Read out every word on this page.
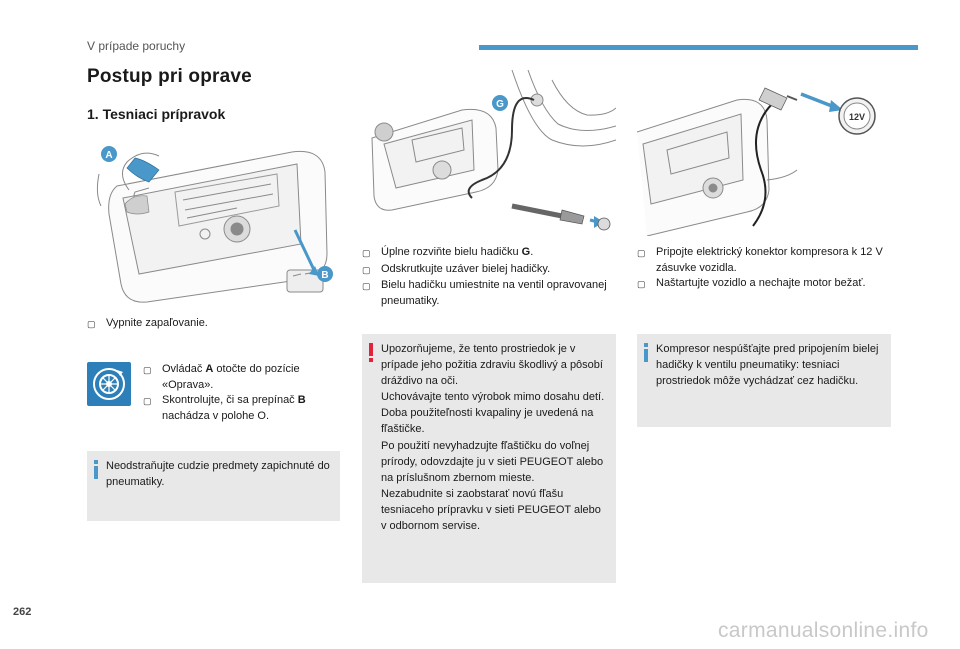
V prípade poruchy
Postup pri oprave
1. Tesniaci prípravok
A
B
▢ Vypnite zapaľovanie.
▢ Ovládač A otočte do pozície «Oprava».
▢ Skontrolujte, či sa prepínač B nachádza v polohe O.
Neodstraňujte cudzie predmety zapichnuté do pneumatiky.
G
▢ Úplne rozviňte bielu hadičku G.
▢ Odskrutkujte uzáver bielej hadičky.
▢ Bielu hadičku umiestnite na ventil opravovanej pneumatiky.
Upozorňujeme, že tento prostriedok je v prípade jeho požitia zdraviu škodlivý a pôsobí dráždivo na oči.
Uchovávajte tento výrobok mimo dosahu detí.
Doba použiteľnosti kvapaliny je uvedená na fľaštičke.
Po použití nevyhadzujte fľaštičku do voľnej prírody, odovzdajte ju v sieti PEUGEOT alebo na príslušnom zbernom mieste.
Nezabudnite si zaobstarať novú fľašu tesniaceho prípravku v sieti PEUGEOT alebo v odbornom servise.
12V
▢ Pripojte elektrický konektor kompresora k 12 V zásuvke vozidla.
▢ Naštartujte vozidlo a nechajte motor bežať.
Kompresor nespúšťajte pred pripojením bielej hadičky k ventilu pneumatiky: tesniaci prostriedok môže vychádzať cez hadičku.
262
carmanualsonline.info
